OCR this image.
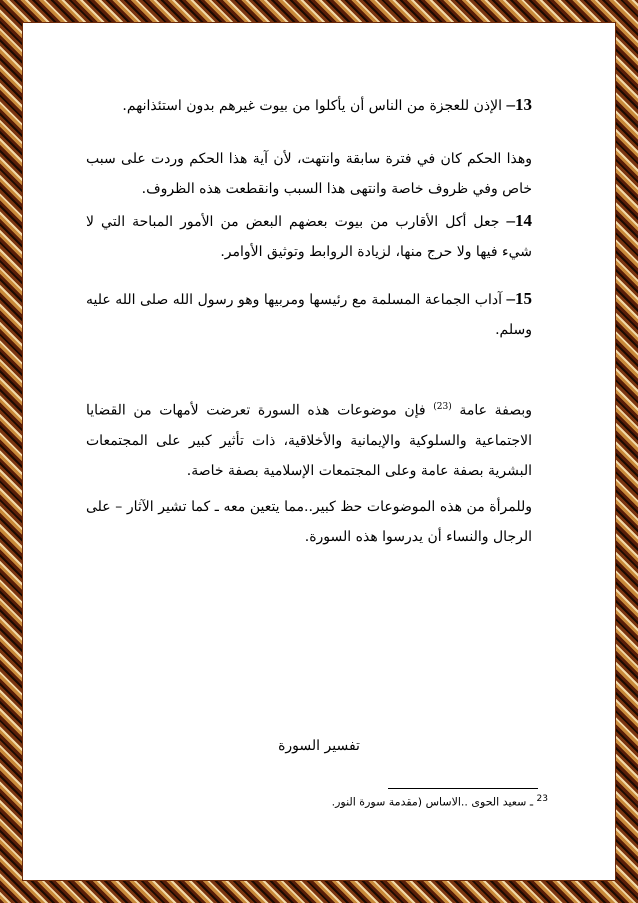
13– الإذن للعجزة من الناس أن يأكلوا من بيوت غيرهم بدون استئذانهم.

وهذا الحكم كان في فترة سابقة وانتهت، لأن آية هذا الحكم وردت على سبب خاص وفي ظروف خاصة وانتهى هذا السبب وانقطعت هذه الظروف.

14– جعل أكل الأقارب من بيوت بعضهم البعض من الأمور المباحة التي لا شيء فيها ولا حرج منها، لزيادة الروابط وتوثيق الأوامر.

15– آداب الجماعة المسلمة مع رئيسها ومربيها وهو رسول الله صلى الله عليه وسلم.

وبصفة عامة $^{(23)}$ فإن موضوعات هذه السورة تعرضت لأمهات من القضايا الاجتماعية والسلوكية والإيمانية والأخلاقية، ذات تأثير كبير على المجتمعات البشرية بصفة عامة وعلى المجتمعات الإسلامية بصفة خاصة.

وللمرأة من هذه الموضوعات حظ كبير..مما يتعين معه ـ كما تشير الآثار – على الرجال والنساء أن يدرسوا هذه السورة.

تفسير السورة
$^{23}$ ـ سعيد الحوى ..الاساس (مقدمة سورة النور.
